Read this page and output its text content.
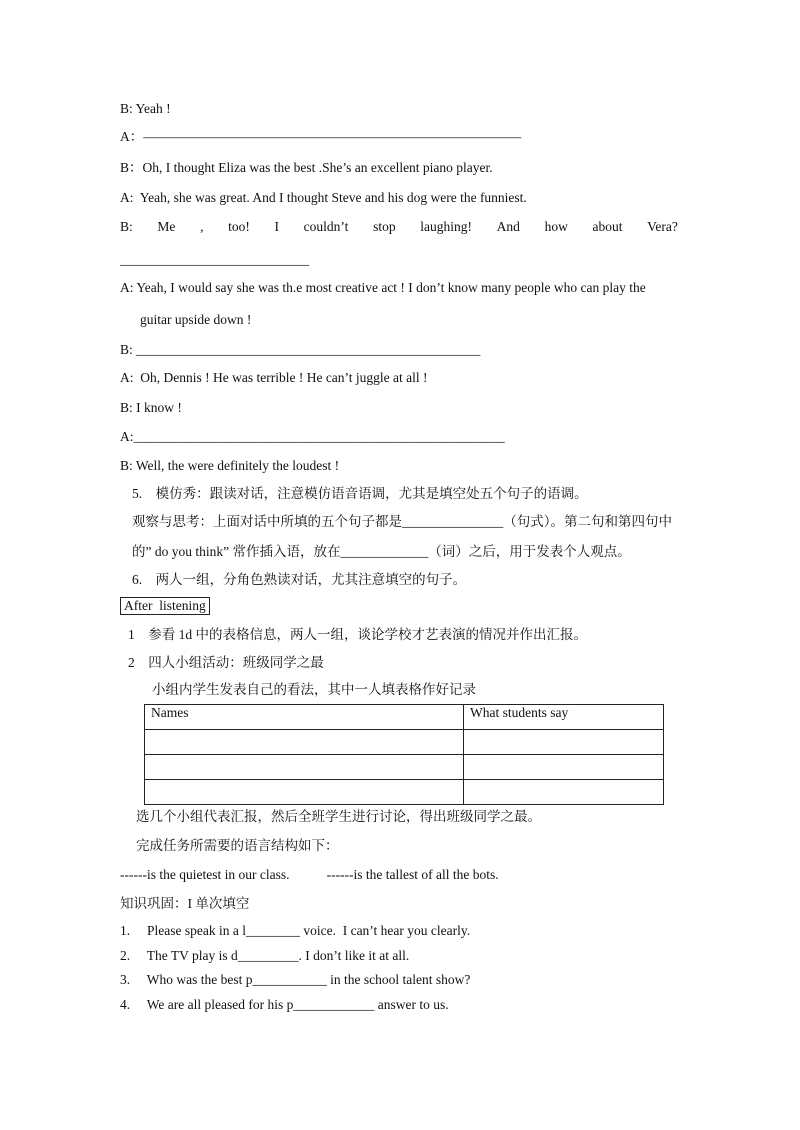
B: Yeah !
A：————————————————————————————
B：Oh, I thought Eliza was the best .She’s an excellent piano player.
A:  Yeah, she was great. And I thought Steve and his dog were the funniest.
B: Me , too! I couldn’t stop laughing! And how about Vera?
____________________________
A: Yeah, I would say she was th.e most creative act ! I don’t know many people who can play the
guitar upside down !
B: ___________________________________________________
A:  Oh, Dennis ! He was terrible ! He can’t juggle at all !
B: I know !
A:_______________________________________________________
B: Well, the were definitely the loudest !
5.    模仿秀：跟读对话，注意模仿语音语调，尤其是填空处五个句子的语调。
观察与思考：上面对话中所填的五个句子都是_______________（句式）。第二句和第四句中
的” do you think” 常作插入语，放在_____________（词）之后，用于发表个人观点。
6.    两人一组，分角色熟读对话，尤其注意填空的句子。
After  listening
1    参看 1d 中的表格信息，两人一组，谈论学校才艺表演的情况并作出汇报。
2    四人小组活动：班级同学之最
小组内学生发表自己的看法，其中一人填表格作好记录
Names	What students say

选几个小组代表汇报，然后全班学生进行讨论，得出班级同学之最。
完成任务所需要的语言结构如下：
------is the quietest in our class.           ------is the tallest of all the bots.
知识巩固：I 单次填空
1.     Please speak in a l________ voice.  I can’t hear you clearly.
2.     The TV play is d_________. I don’t like it at all.
3.     Who was the best p___________ in the school talent show?
4.     We are all pleased for his p____________ answer to us.
